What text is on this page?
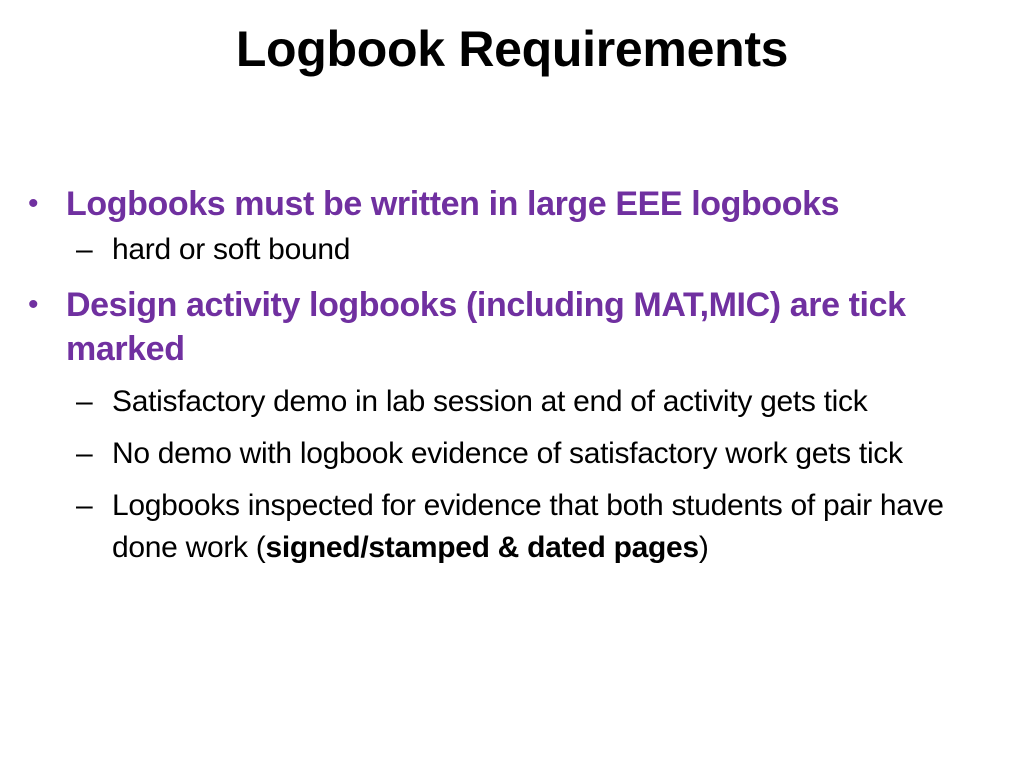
Logbook Requirements
• Logbooks must be written in large EEE logbooks
– hard or soft bound
• Design activity logbooks (including MAT,MIC) are tick marked
– Satisfactory demo in lab session at end of activity gets tick
– No demo with logbook evidence of satisfactory work gets tick
– Logbooks inspected for evidence that both students of pair have done work (signed/stamped & dated pages)
